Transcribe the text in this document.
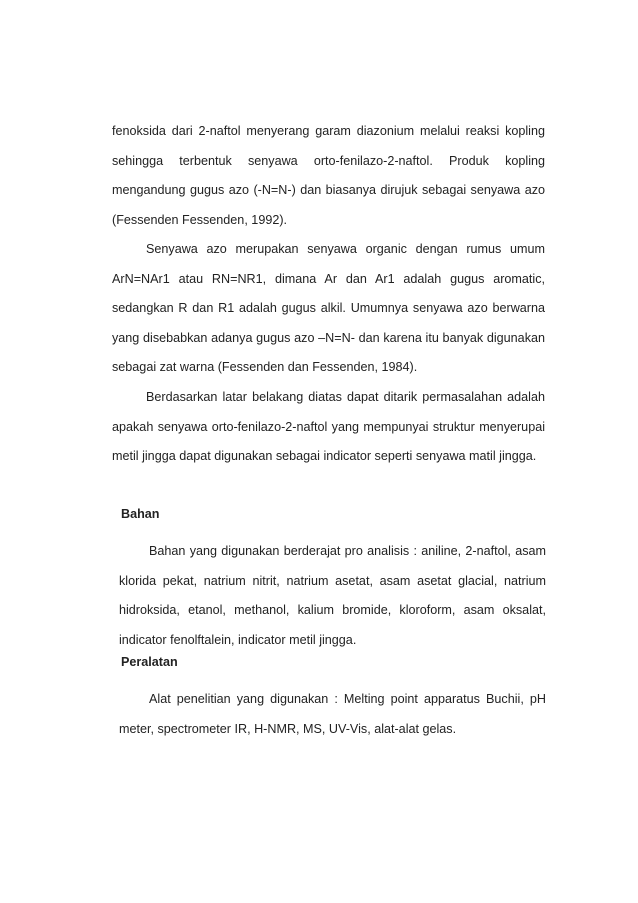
fenoksida dari 2-naftol menyerang garam diazonium melalui reaksi kopling sehingga terbentuk senyawa orto-fenilazo-2-naftol. Produk kopling mengandung gugus azo (-N=N-) dan biasanya dirujuk sebagai senyawa azo (Fessenden Fessenden, 1992).

Senyawa azo merupakan senyawa organic dengan rumus umum ArN=NAr1 atau RN=NR1, dimana Ar dan Ar1 adalah gugus aromatic, sedangkan R dan R1 adalah gugus alkil. Umumnya senyawa azo berwarna yang disebabkan adanya gugus azo –N=N- dan karena itu banyak digunakan sebagai zat warna (Fessenden dan Fessenden, 1984).

Berdasarkan latar belakang diatas dapat ditarik permasalahan adalah apakah senyawa orto-fenilazo-2-naftol yang mempunyai struktur menyerupai metil jingga dapat digunakan sebagai indicator seperti senyawa matil jingga.

Bahan

Bahan yang digunakan berderajat pro analisis : aniline, 2-naftol, asam klorida pekat, natrium nitrit, natrium asetat, asam asetat glacial, natrium hidroksida, etanol, methanol, kalium bromide, kloroform, asam oksalat, indicator fenolftalein, indicator metil jingga.

Peralatan

Alat penelitian yang digunakan : Melting point apparatus Buchii, pH meter, spectrometer IR, H-NMR, MS, UV-Vis, alat-alat gelas.
